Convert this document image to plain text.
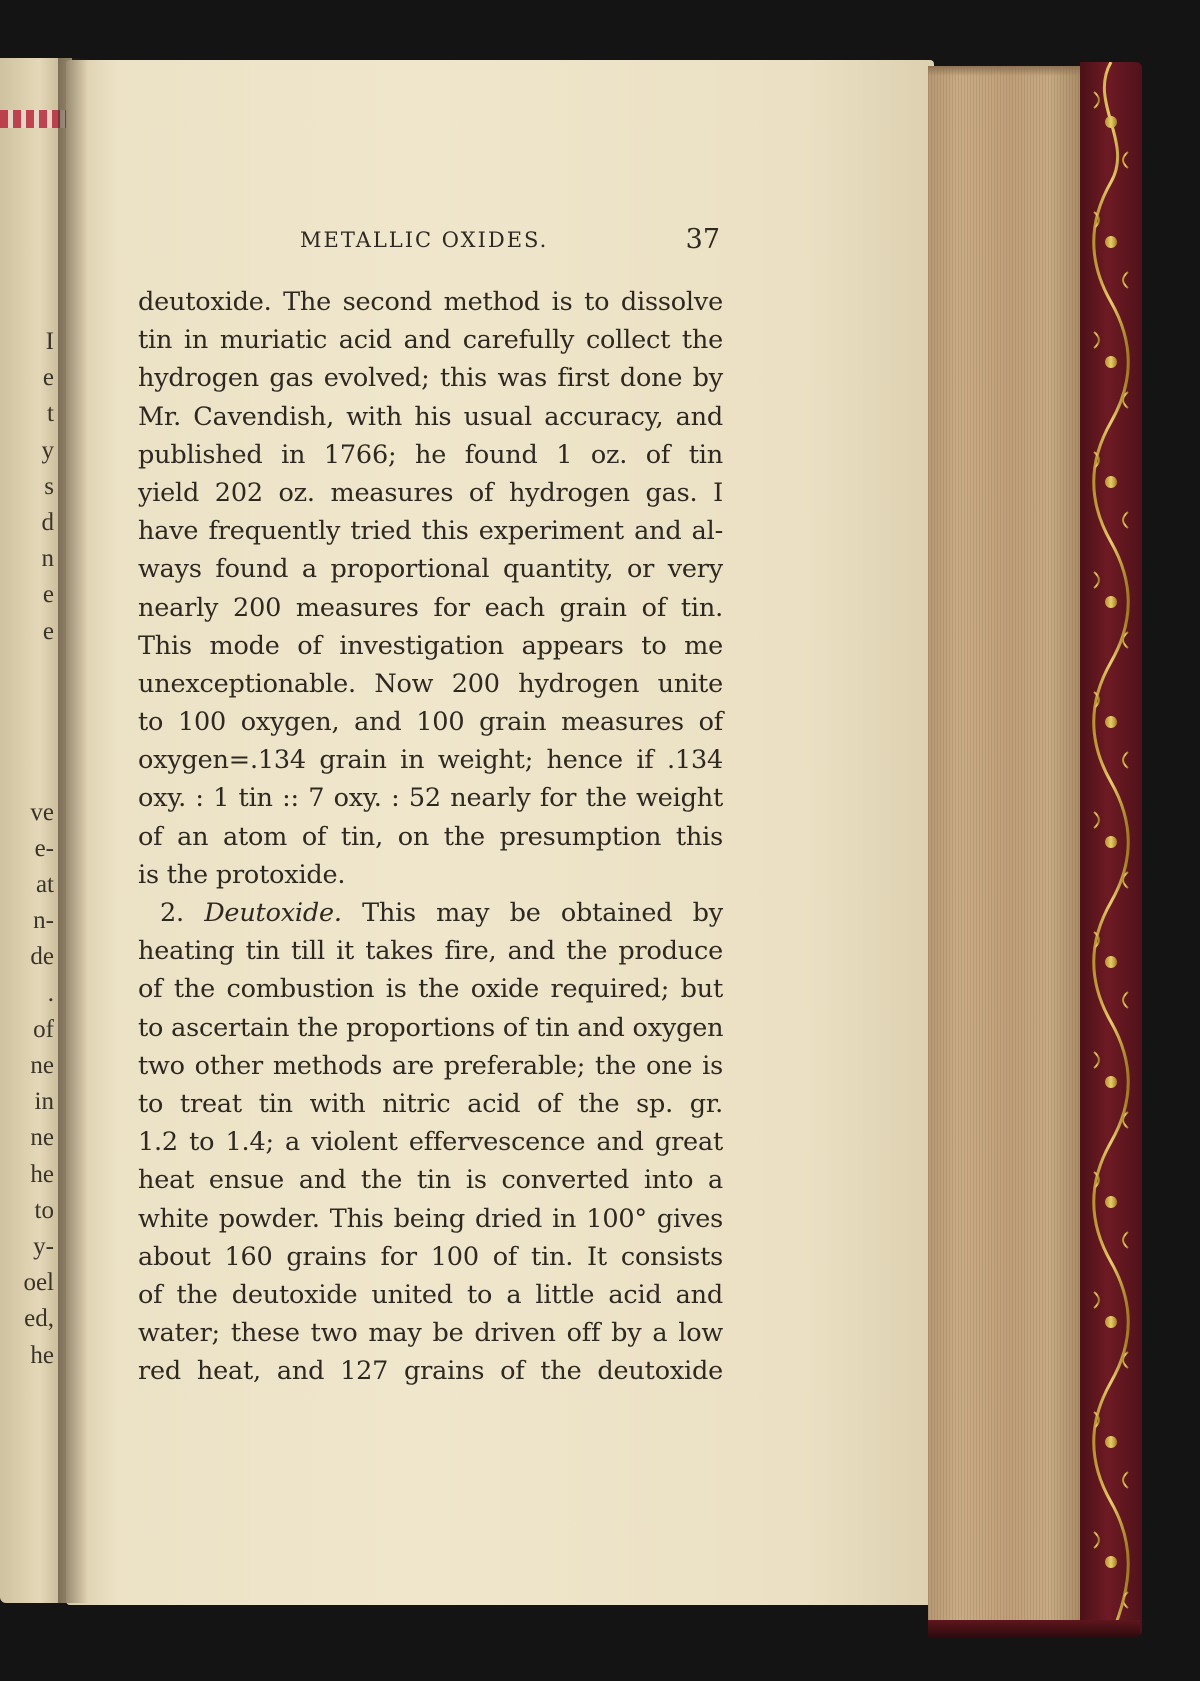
I
e
t
y
s
d
n
e
e
ve
e-
at
n-
de
.
of
ne
in
ne
he
to
y-
oel
ed,
he
METALLIC OXIDES.	37
deutoxide. The second method is to dissolve
tin in muriatic acid and carefully collect the
hydrogen gas evolved; this was first done by
Mr. Cavendish, with his usual accuracy, and
published in 1766; he found 1 oz. of tin
yield 202 oz. measures of hydrogen gas. I
have frequently tried this experiment and al-
ways found a proportional quantity, or very
nearly 200 measures for each grain of tin.
This mode of investigation appears to me
unexceptionable. Now 200 hydrogen unite
to 100 oxygen, and 100 grain measures of
oxygen=.134 grain in weight; hence if .134
oxy. : 1 tin :: 7 oxy. : 52 nearly for the weight
of an atom of tin, on the presumption this
is the protoxide.
2. Deutoxide. This may be obtained by
heating tin till it takes fire, and the produce
of the combustion is the oxide required; but
to ascertain the proportions of tin and oxygen
two other methods are preferable; the one is
to treat tin with nitric acid of the sp. gr.
1.2 to 1.4; a violent effervescence and great
heat ensue and the tin is converted into a
white powder. This being dried in 100° gives
about 160 grains for 100 of tin. It consists
of the deutoxide united to a little acid and
water; these two may be driven off by a low
red heat, and 127 grains of the deutoxide
